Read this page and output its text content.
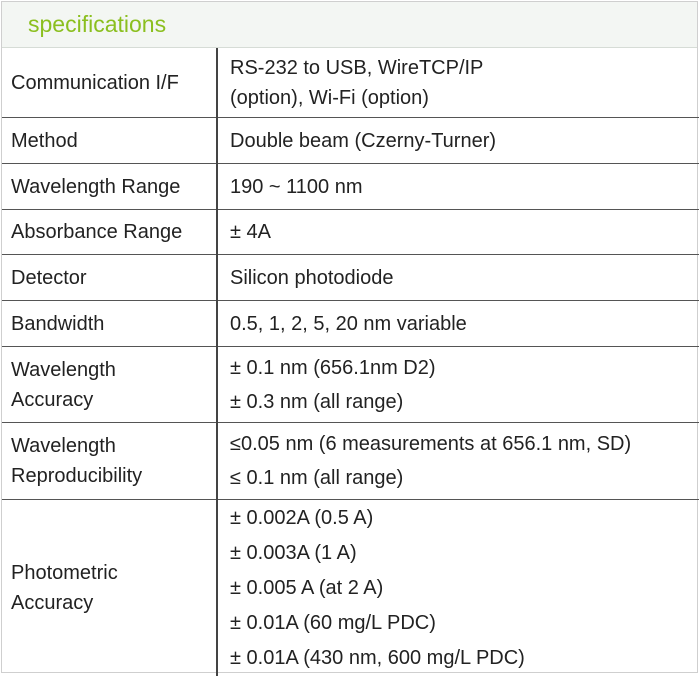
specifications
Communication I/F	RS-232 to USB, WireTCP/IP
(option), Wi-Fi (option)

Method	Double beam (Czerny-Turner)

Wavelength Range	190 ~ 1100 nm

Absorbance Range	± 4A

Detector	Silicon photodiode

Bandwidth	0.5, 1, 2, 5, 20 nm variable

Wavelength
Accuracy	± 0.1 nm (656.1nm D2)
± 0.3 nm (all range)

Wavelength
Reproducibility	≤0.05 nm (6 measurements at 656.1 nm, SD)
≤ 0.1 nm (all range)

Photometric
Accuracy	± 0.002A (0.5 A)
± 0.003A (1 A)
± 0.005 A (at 2 A)
± 0.01A (60 mg/L PDC)
± 0.01A (430 nm, 600 mg/L PDC)
